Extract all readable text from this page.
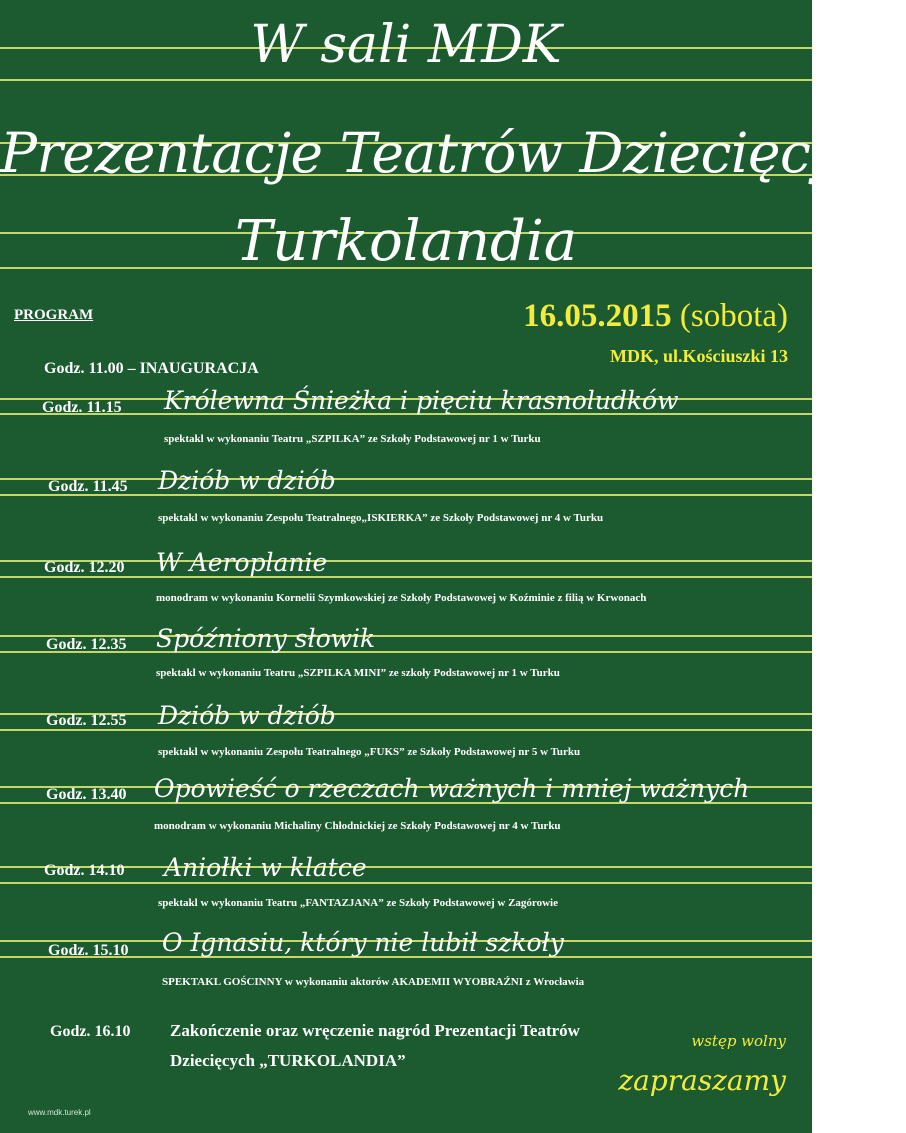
W sali MDK
Prezentacje Teatrów Dziecięcych
Turkolandia
PROGRAM	16.05.2015 (sobota)
MDK, ul.Kościuszki 13
Godz. 11.00 – INAUGURACJA
Godz. 11.15 Królewna Śnieżka i pięciu krasnoludków
spektakl w wykonaniu Teatru „SZPILKA” ze Szkoły Podstawowej nr 1 w Turku
Godz. 11.45 Dziób w dziób
spektakl w wykonaniu Zespołu Teatralnego„ISKIERKA” ze Szkoły Podstawowej nr 4 w Turku
Godz. 12.20 W Aeroplanie
monodram w wykonaniu Kornelii Szymkowskiej ze Szkoły Podstawowej w Koźminie z filią w Krwonach
Godz. 12.35 Spóźniony słowik
spektakl w wykonaniu Teatru „SZPILKA MINI” ze szkoły Podstawowej nr 1 w Turku
Godz. 12.55 Dziób w dziób
spektakl w wykonaniu Zespołu Teatralnego „FUKS” ze Szkoły Podstawowej nr 5 w Turku
Godz. 13.40 Opowieść o rzeczach ważnych i mniej ważnych
monodram w wykonaniu Michaliny Chłodnickiej ze Szkoły Podstawowej nr 4 w Turku
Godz. 14.10 Aniołki w klatce
spektakl w wykonaniu Teatru „FANTAZJANA” ze Szkoły Podstawowej w Zagórowie
Godz. 15.10 O Ignasiu, który nie lubił szkoły
SPEKTAKL GOŚCINNY w wykonaniu aktorów AKADEMII WYOBRAŹNI z Wrocławia
Godz. 16.10 Zakończenie oraz wręczenie nagród Prezentacji Teatrów Dziecięcych „TURKOLANDIA”
wstęp wolny
zapraszamy
www.mdk.turek.pl
